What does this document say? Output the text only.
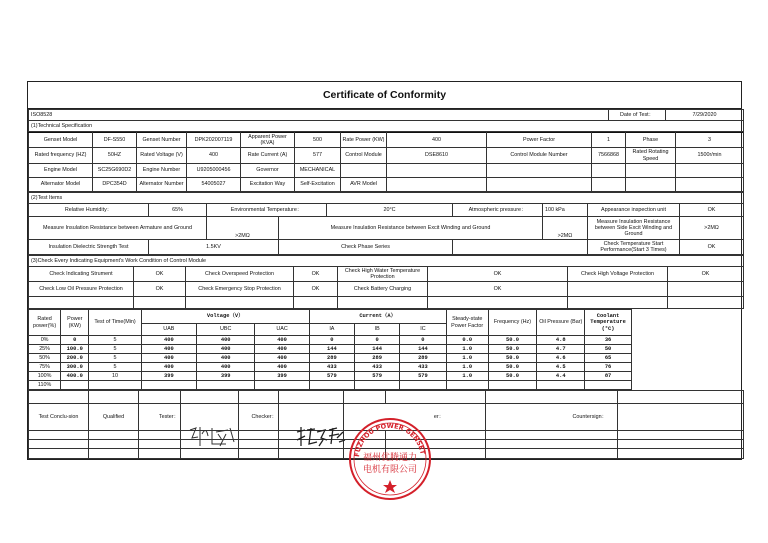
Certificate of Conformity
ISO8528	Date of Test：	7/29/2020
(1)Technical Specification
Genset Model	DF-S550	Genset Number	DPK202007119	Apparent Power (KVA)	500	Rate Power (KW)	400	Power Factor	1	Phase	3
Rated frequency (HZ)	50HZ	Rated Voltage (V)	400	Rate Current (A)	577	Control Module	DSE8610	Control Module Number	7566868	Rated Rotating Speed	1500r/min
Engine Model	SC25G690D2	Engine Number	U9205000456	Governor	MECHANICAL						
Alternator Model	DPC354D	Alternator Number	54005027	Excitation Way	Self-Excitation	AVR Model					
(2)Test Items								
Relative Humidity：	65%	Environmental Temperature：		20°C	Atmospheric pressure：	100 kPa	Appearance inspection unit	OK
Measure Insulation Resistance between Armature and Ground		>2MΩ	Measure Insulation Resistance between Excit Winding and Ground			>2MΩ	Measure Insulation Resistance between Side Excit Winding and Ground	>2MΩ
Insulation Dielectric Strength Test	1.5KV		Check Phase Series				Check Temperature Start Performance(Start 3 Times)	OK
(3)Check Every Indicating Equipment's Work Condition of Control Module							
Check Indicating Strument	OK	Check Overspeed Protection	OK	Check High Water Temperature Protection	OK	Check High Voltage Protection	OK
Check Low Oil Pressure Protection	OK	Check Emergency Stop Protection	OK	Check Battery Charging	OK		

Rated power(%)	Power (KW)	Test of Time(Min)	Voltage（V）			Current（A）			Steady-state Power Factor	Frequency (Hz)	Oil Pressure (Bar)	Coolant Temperature (°C)	
			UAB	UBC	UAC	IA	IB	IC					
0%	0	5	400	400	400	0	0	0	0.0	50.0	4.8	36	
25%	100.0	5	400	400	400	144	144	144	1.0	50.0	4.7	50	
50%	200.0	5	400	400	400	289	289	289	1.0	50.0	4.6	65	
75%	300.0	5	400	400	400	433	433	433	1.0	50.0	4.5	76	
100%	400.0	10	399	399	399	579	579	579	1.0	50.0	4.4	87	
110%													

Test Conclu-sion	Qualified	Tester：		Checker：		er：		Countersign：	

FUZHOU POWER GENSET
福州优腾通力
电机有限公司
